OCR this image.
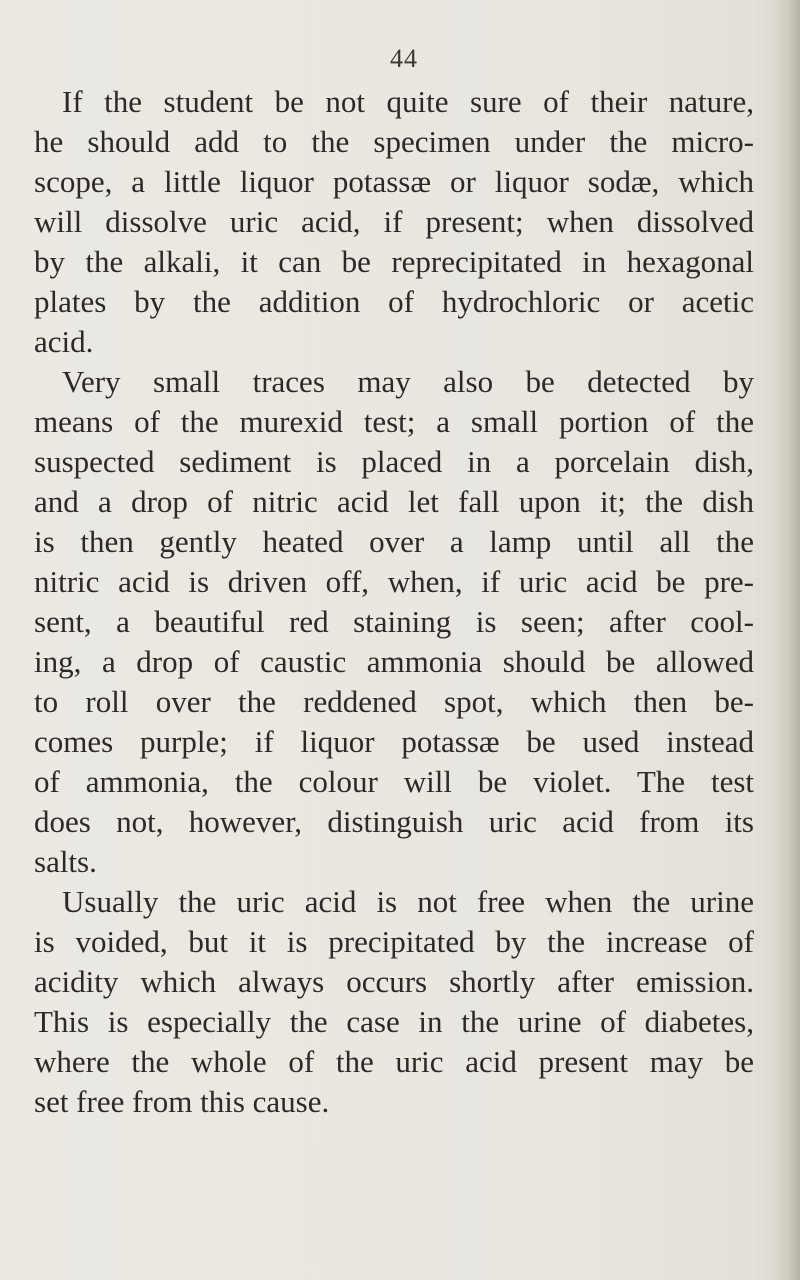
44
If the student be not quite sure of their nature,
he should add to the specimen under the micro-
scope, a little liquor potassæ or liquor sodæ, which
will dissolve uric acid, if present; when dissolved
by the alkali, it can be reprecipitated in hexagonal
plates by the addition of hydrochloric or acetic
acid.
Very small traces may also be detected by
means of the murexid test; a small portion of the
suspected sediment is placed in a porcelain dish,
and a drop of nitric acid let fall upon it; the dish
is then gently heated over a lamp until all the
nitric acid is driven off, when, if uric acid be pre-
sent, a beautiful red staining is seen; after cool-
ing, a drop of caustic ammonia should be allowed
to roll over the reddened spot, which then be-
comes purple; if liquor potassæ be used instead
of ammonia, the colour will be violet. The test
does not, however, distinguish uric acid from its
salts.
Usually the uric acid is not free when the urine
is voided, but it is precipitated by the increase of
acidity which always occurs shortly after emission.
This is especially the case in the urine of diabetes,
where the whole of the uric acid present may be
set free from this cause.
